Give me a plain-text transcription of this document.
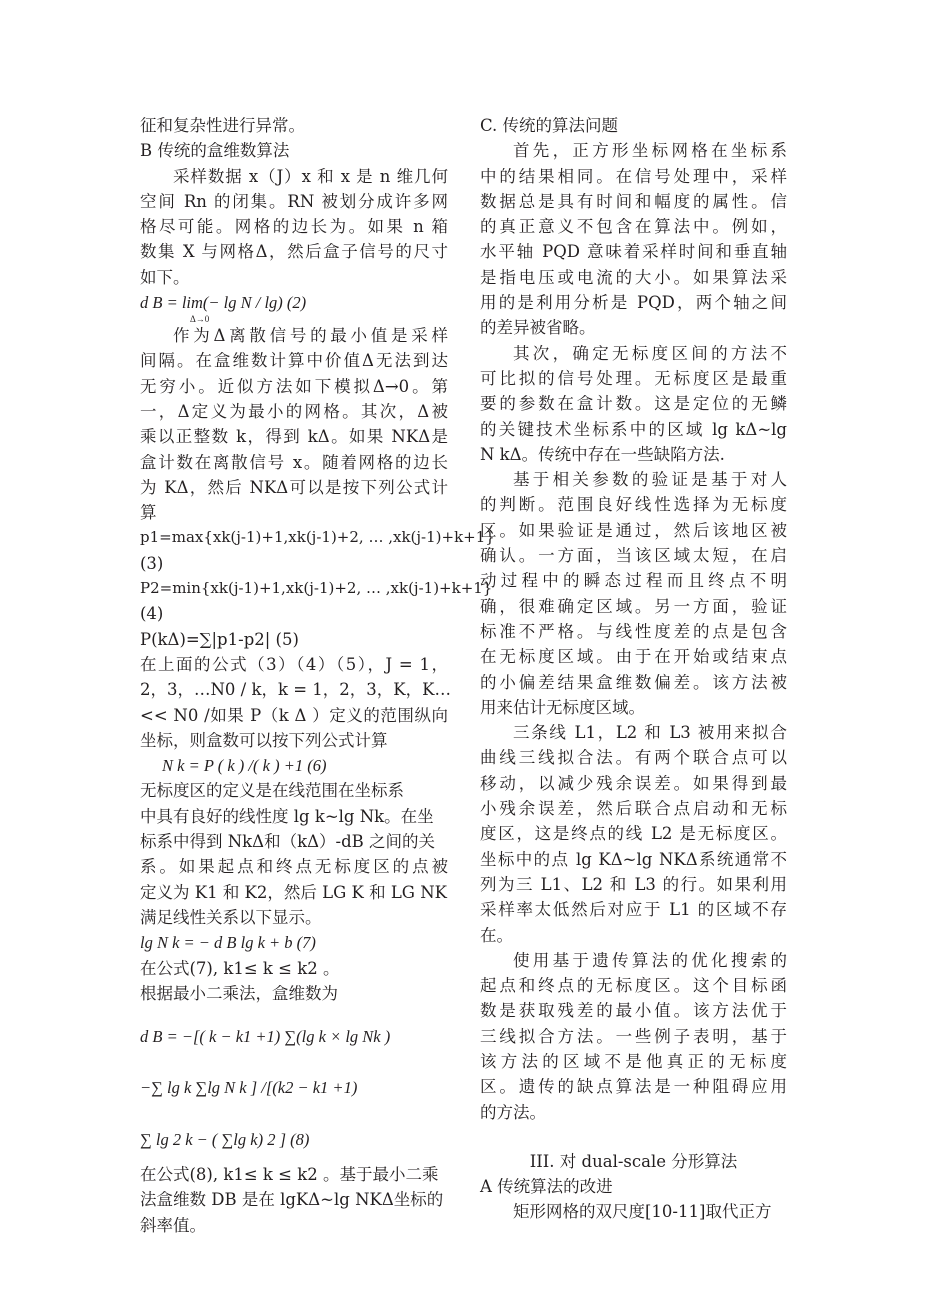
征和复杂性进行异常。
B 传统的盒维数算法
采样数据 x（J）x 和 x 是 n 维几何
空间 Rn 的闭集。RN 被划分成许多网
格尽可能。网格的边长为。如果 n 箱
数集 X 与网格Δ，然后盒子信号的尺寸
如下。
d B = lim(− lg N / lg) (2)
Δ→0
作为Δ离散信号的最小值是采样
间隔。在盒维数计算中价值Δ无法到达
无穷小。近似方法如下模拟Δ→0。第
一，Δ定义为最小的网格。其次，Δ被
乘以正整数 k，得到 kΔ。如果 NKΔ是
盒计数在离散信号 x。随着网格的边长
为 KΔ，然后 NKΔ可以是按下列公式计
算
p1=max{xk(j-1)+1,xk(j-1)+2, … ,xk(j-1)+k+1}
(3)
P2=min{xk(j-1)+1,xk(j-1)+2, … ,xk(j-1)+k+1}
(4)
P(kΔ)=∑|p1-p2| (5)
在上面的公式（3）（4）（5），J = 1，
2，3，…N0 / k，k = 1，2，3，K，K…
<< N0 /如果 P（k Δ ）定义的范围纵向
坐标，则盒数可以按下列公式计算
N k = P ( k ) /( k ) +1 (6)
无标度区的定义是在线范围在坐标系
中具有良好的线性度 lg k~lg Nk。在坐
标系中得到 NkΔ和（kΔ）-dB 之间的关
系。如果起点和终点无标度区的点被
定义为 K1 和 K2，然后 LG K 和 LG NK
满足线性关系以下显示。
lg N k = − d B lg k + b (7)
在公式(7), k1≤ k ≤ k2 。
根据最小二乘法，盒维数为
d B = −[( k − k1 +1) ∑(lg k × lg Nk )
−∑ lg k ∑lg N k ] /[(k2 − k1 +1)
∑ lg 2 k − ( ∑lg k) 2 ] (8)
在公式(8), k1≤ k ≤ k2 。基于最小二乘
法盒维数 DB 是在 lgKΔ~lg NKΔ坐标的
斜率值。
C. 传统的算法问题
首先，正方形坐标网格在坐标系
中的结果相同。在信号处理中，采样
数据总是具有时间和幅度的属性。信
的真正意义不包含在算法中。例如，
水平轴 PQD 意味着采样时间和垂直轴
是指电压或电流的大小。如果算法采
用的是利用分析是 PQD，两个轴之间
的差异被省略。
其次，确定无标度区间的方法不
可比拟的信号处理。无标度区是最重
要的参数在盒计数。这是定位的无鳞
的关键技术坐标系中的区域 lg kΔ~lg
N kΔ。传统中存在一些缺陷方法.
基于相关参数的验证是基于对人
的判断。范围良好线性选择为无标度
区。如果验证是通过，然后该地区被
确认。一方面，当该区域太短，在启
动过程中的瞬态过程而且终点不明
确，很难确定区域。另一方面，验证
标准不严格。与线性度差的点是包含
在无标度区域。由于在开始或结束点
的小偏差结果盒维数偏差。该方法被
用来估计无标度区域。
三条线 L1，L2 和 L3 被用来拟合
曲线三线拟合法。有两个联合点可以
移动，以减少残余误差。如果得到最
小残余误差，然后联合点启动和无标
度区，这是终点的线 L2 是无标度区。
坐标中的点 lg KΔ~lg NKΔ系统通常不
列为三 L1、L2 和 L3 的行。如果利用
采样率太低然后对应于 L1 的区域不存
在。
使用基于遗传算法的优化搜索的
起点和终点的无标度区。这个目标函
数是获取残差的最小值。该方法优于
三线拟合方法。一些例子表明，基于
该方法的区域不是他真正的无标度
区。遗传的缺点算法是一种阻碍应用
的方法。
III. 对 dual-scale 分形算法
A 传统算法的改进
矩形网格的双尺度[10-11]取代正方
